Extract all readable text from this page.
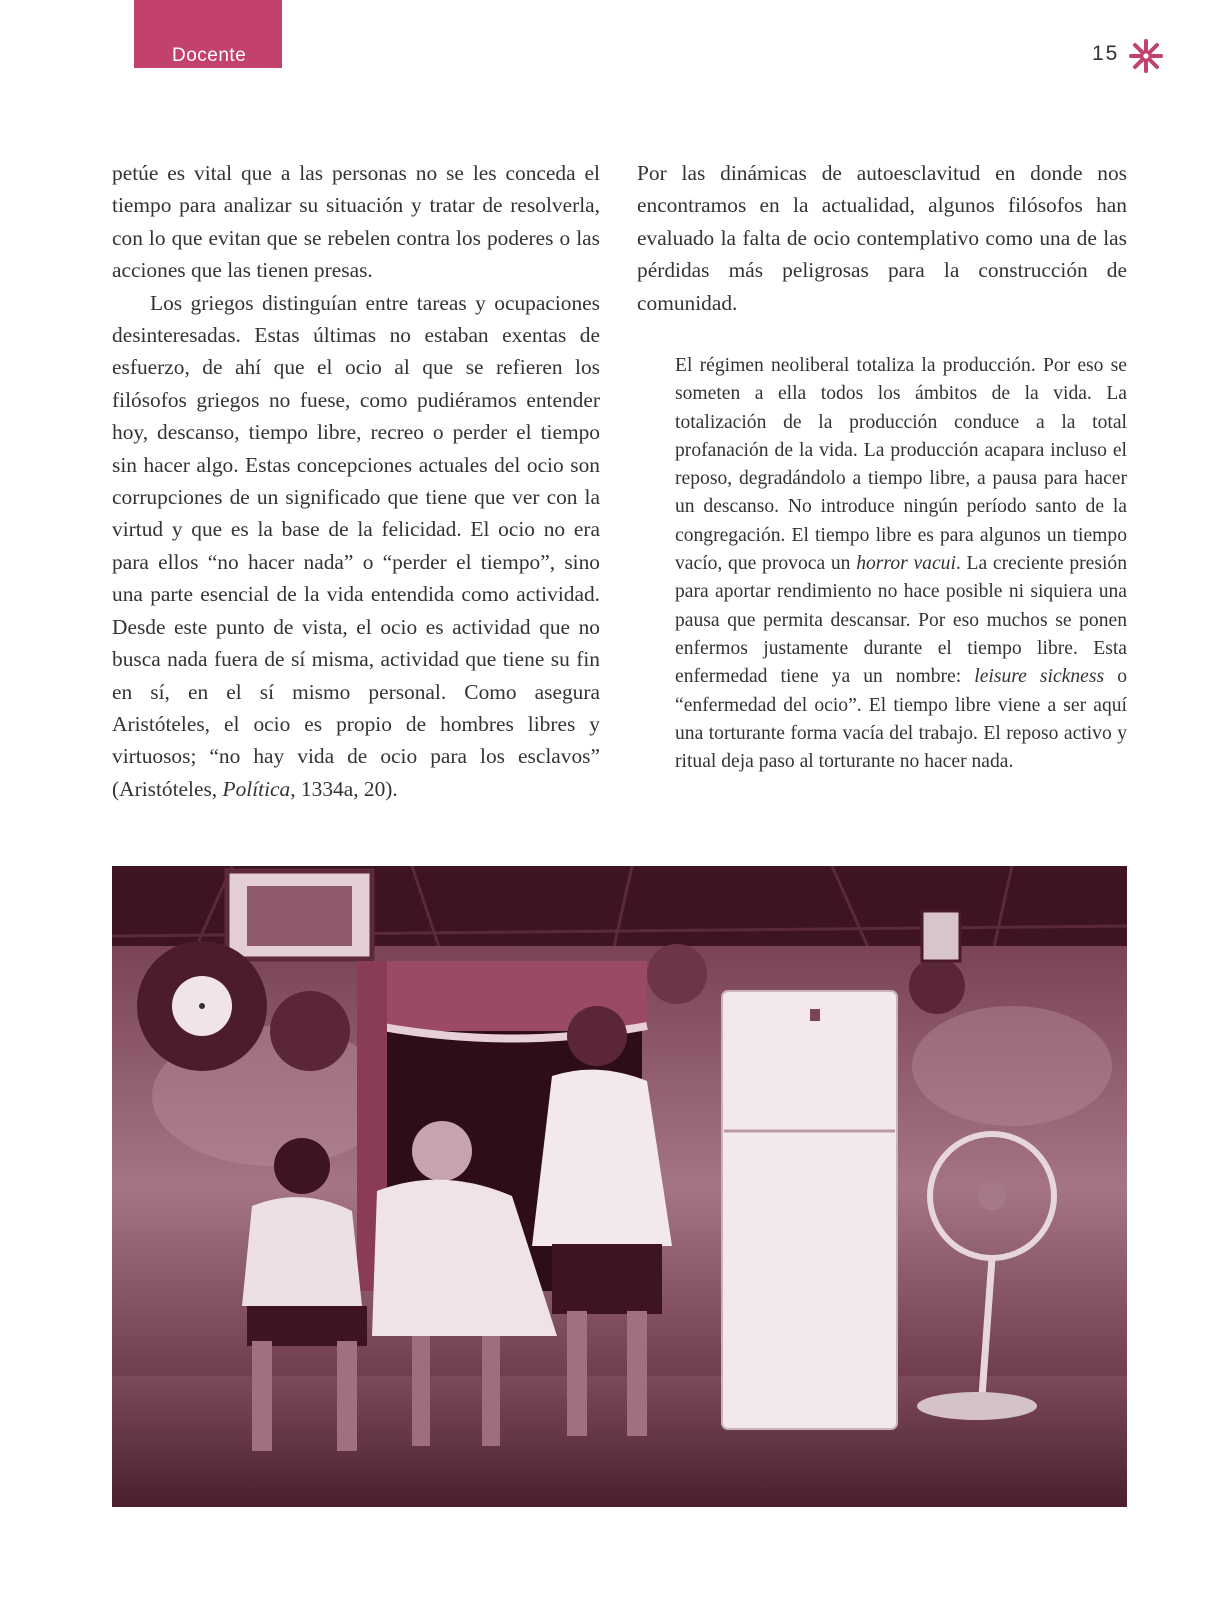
Docente	15

petúe es vital que a las personas no se les conceda el tiempo para analizar su situación y tratar de resolverla, con lo que evitan que se rebelen contra los poderes o las acciones que las tienen presas.

Los griegos distinguían entre tareas y ocupaciones desinteresadas. Estas últimas no estaban exentas de esfuerzo, de ahí que el ocio al que se refieren los filósofos griegos no fuese, como pudiéramos entender hoy, descanso, tiempo libre, recreo o perder el tiempo sin hacer algo. Estas concepciones actuales del ocio son corrupciones de un significado que tiene que ver con la virtud y que es la base de la felicidad. El ocio no era para ellos “no hacer nada” o “perder el tiempo”, sino una parte esencial de la vida entendida como actividad. Desde este punto de vista, el ocio es actividad que no busca nada fuera de sí misma, actividad que tiene su fin en sí, en el sí mismo personal. Como asegura Aristóteles, el ocio es propio de hombres libres y virtuosos; “no hay vida de ocio para los esclavos” (Aristóteles, Política, 1334a, 20).

Por las dinámicas de autoesclavitud en donde nos encontramos en la actualidad, algunos filósofos han evaluado la falta de ocio contemplativo como una de las pérdidas más peligrosas para la construcción de comunidad.

El régimen neoliberal totaliza la producción. Por eso se someten a ella todos los ámbitos de la vida. La totalización de la producción conduce a la total profanación de la vida. La producción acapara incluso el reposo, degradándolo a tiempo libre, a pausa para hacer un descanso. No introduce ningún período santo de la congregación. El tiempo libre es para algunos un tiempo vacío, que provoca un horror vacui. La creciente presión para aportar rendimiento no hace posible ni siquiera una pausa que permita descansar. Por eso muchos se ponen enfermos justamente durante el tiempo libre. Esta enfermedad tiene ya un nombre: leisure sickness o “enfermedad del ocio”. El tiempo libre viene a ser aquí una torturante forma vacía del trabajo. El reposo activo y ritual deja paso al torturante no hacer nada.
